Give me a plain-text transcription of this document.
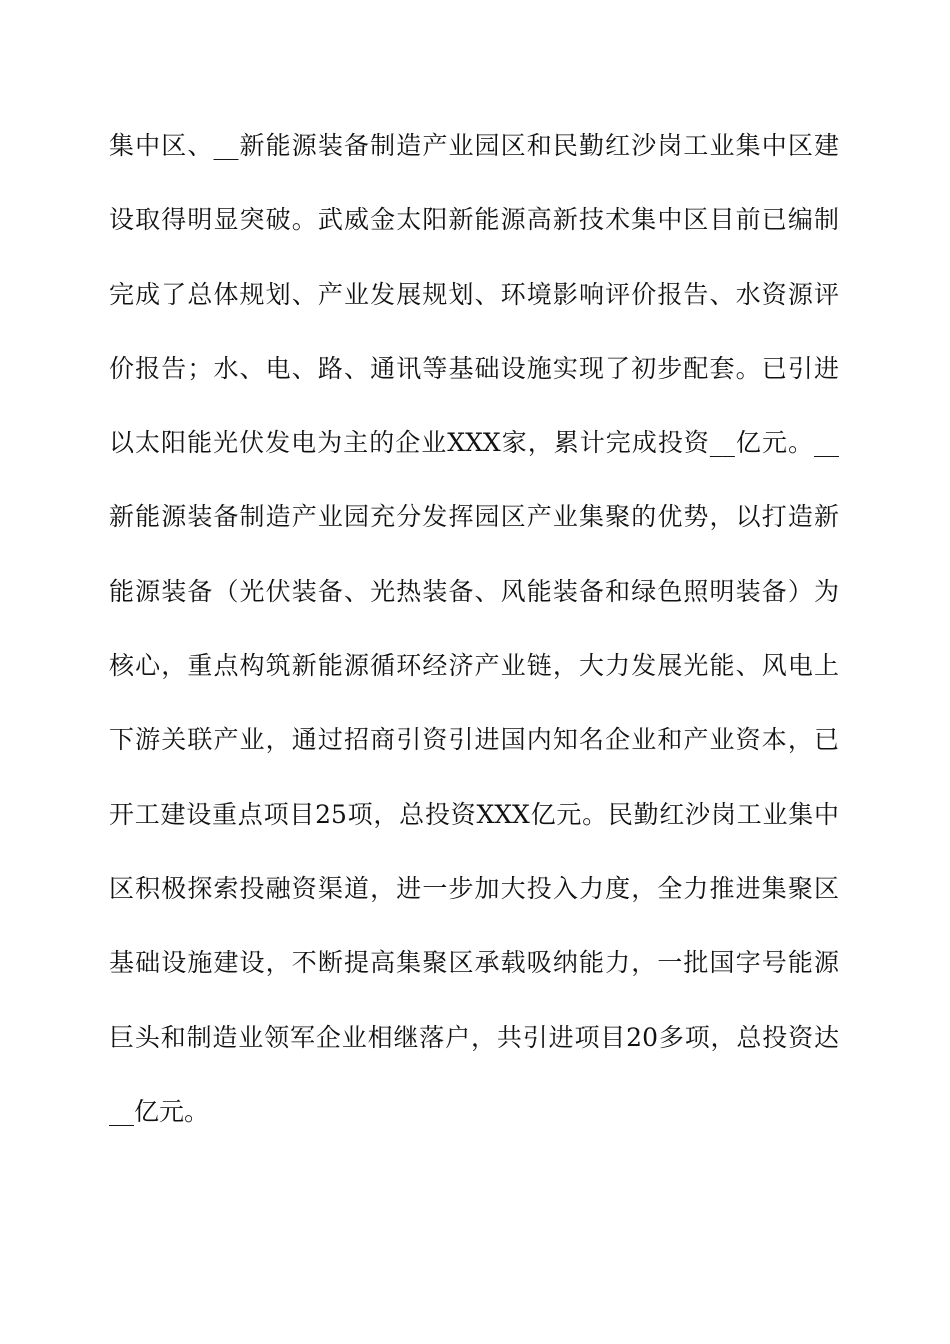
集中区、__新能源装备制造产业园区和民勤红沙岗工业集中区建
设取得明显突破。武威金太阳新能源高新技术集中区目前已编制
完成了总体规划、产业发展规划、环境影响评价报告、水资源评
价报告；水、电、路、通讯等基础设施实现了初步配套。已引进
以太阳能光伏发电为主的企业XXX家，累计完成投资__亿元。__
新能源装备制造产业园充分发挥园区产业集聚的优势，以打造新
能源装备（光伏装备、光热装备、风能装备和绿色照明装备）为
核心，重点构筑新能源循环经济产业链，大力发展光能、风电上
下游关联产业，通过招商引资引进国内知名企业和产业资本，已
开工建设重点项目25项，总投资XXX亿元。民勤红沙岗工业集中
区积极探索投融资渠道，进一步加大投入力度，全力推进集聚区
基础设施建设，不断提高集聚区承载吸纳能力，一批国字号能源
巨头和制造业领军企业相继落户，共引进项目20多项，总投资达
__亿元。
